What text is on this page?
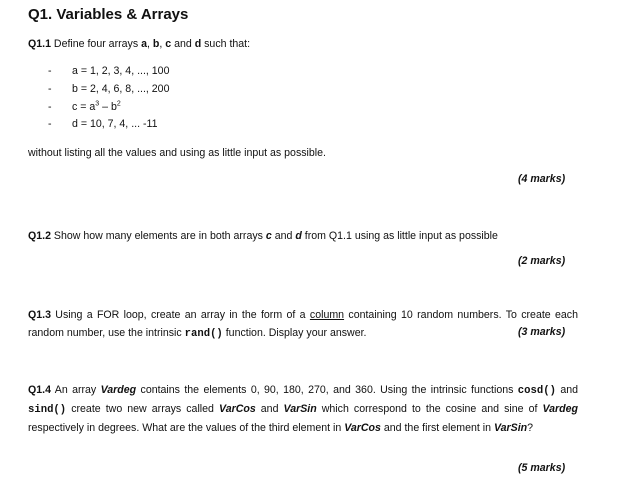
Q1. Variables & Arrays
Q1.1 Define four arrays a, b, c and d such that:
- a = 1, 2, 3, 4, ..., 100
- b = 2, 4, 6, 8, ..., 200
- $c = a^3 - b^2$
- d = 10, 7, 4, ... -11
without listing all the values and using as little input as possible.
(4 marks)
Q1.2 Show how many elements are in both arrays c and d from Q1.1 using as little input as possible
(2 marks)
Q1.3 Using a FOR loop, create an array in the form of a column containing 10 random numbers. To create each random number, use the intrinsic rand() function. Display your answer.	(3 marks)
Q1.4 An array Vardeg contains the elements 0, 90, 180, 270, and 360. Using the intrinsic functions cosd() and sind() create two new arrays called VarCos and VarSin which correspond to the cosine and sine of Vardeg respectively in degrees. What are the values of the third element in VarCos and the first element in VarSin?
(5 marks)
